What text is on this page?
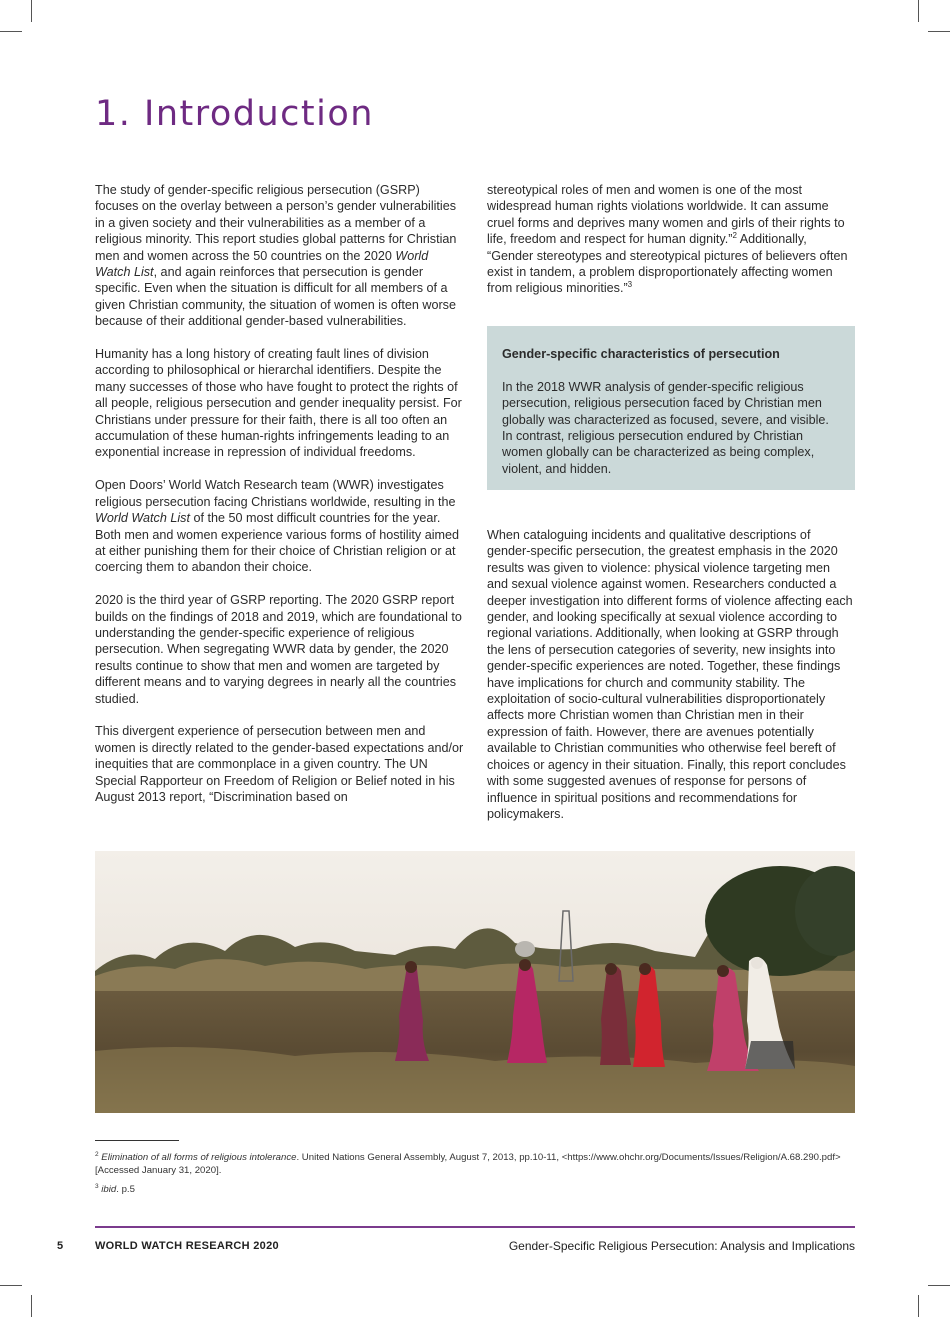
1. Introduction

The study of gender-specific religious persecution (GSRP) focuses on the overlay between a person’s gender vulnerabilities in a given society and their vulnerabilities as a member of a religious minority. This report studies global patterns for Christian men and women across the 50 countries on the 2020 World Watch List, and again reinforces that persecution is gender specific. Even when the situation is difficult for all members of a given Christian community, the situation of women is often worse because of their additional gender-based vulnerabilities.

Humanity has a long history of creating fault lines of division according to philosophical or hierarchal identifiers. Despite the many successes of those who have fought to protect the rights of all people, religious persecution and gender inequality persist. For Christians under pressure for their faith, there is all too often an accumulation of these human-rights infringements leading to an exponential increase in repression of individual freedoms.

Open Doors’ World Watch Research team (WWR) investigates religious persecution facing Christians worldwide, resulting in the World Watch List of the 50 most difficult countries for the year. Both men and women experience various forms of hostility aimed at either punishing them for their choice of Christian religion or at coercing them to abandon their choice.

2020 is the third year of GSRP reporting. The 2020 GSRP report builds on the findings of 2018 and 2019, which are foundational to understanding the gender-specific experience of religious persecution. When segregating WWR data by gender, the 2020 results continue to show that men and women are targeted by different means and to varying degrees in nearly all the countries studied.

This divergent experience of persecution between men and women is directly related to the gender-based expectations and/or inequities that are commonplace in a given country. The UN Special Rapporteur on Freedom of Religion or Belief noted in his August 2013 report, “Discrimination based on

stereotypical roles of men and women is one of the most widespread human rights violations worldwide. It can assume cruel forms and deprives many women and girls of their rights to life, freedom and respect for human dignity.”$^2$ Additionally, “Gender stereotypes and stereotypical pictures of believers often exist in tandem, a problem disproportionately affecting women from religious minorities.”$^3$

Gender-specific characteristics of persecution

In the 2018 WWR analysis of gender-specific religious persecution, religious persecution faced by Christian men globally was characterized as focused, severe, and visible. In contrast, religious persecution endured by Christian women globally can be characterized as being complex, violent, and hidden.

When cataloguing incidents and qualitative descriptions of gender-specific persecution, the greatest emphasis in the 2020 results was given to violence: physical violence targeting men and sexual violence against women. Researchers conducted a deeper investigation into different forms of violence affecting each gender, and looking specifically at sexual violence according to regional variations. Additionally, when looking at GSRP through the lens of persecution categories of severity, new insights into gender-specific experiences are noted. Together, these findings have implications for church and community stability. The exploitation of socio-cultural vulnerabilities disproportionately affects more Christian women than Christian men in their expression of faith. However, there are avenues potentially available to Christian communities who otherwise feel bereft of choices or agency in their situation. Finally, this report concludes with some suggested avenues of response for persons of influence in spiritual positions and recommendations for policymakers.

$^2$ Elimination of all forms of religious intolerance. United Nations General Assembly, August 7, 2013, pp.10-11, <https://www.ohchr.org/Documents/Issues/Religion/A.68.290.pdf> [Accessed January 31, 2020].
$^3$ ibid. p.5
5	WORLD WATCH RESEARCH 2020	Gender-Specific Religious Persecution: Analysis and Implications
